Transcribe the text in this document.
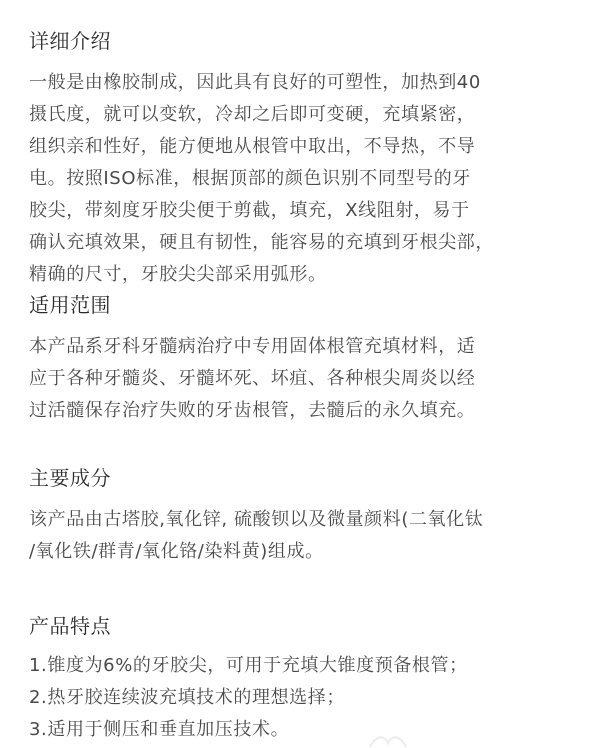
详细介绍
一般是由橡胶制成，因此具有良好的可塑性，加热到40
摄氏度，就可以变软，冷却之后即可变硬，充填紧密，
组织亲和性好，能方便地从根管中取出，不导热，不导
电。按照ISO标准，根据顶部的颜色识别不同型号的牙
胶尖，带刻度牙胶尖便于剪截，填充，X线阻射，易于
确认充填效果，硬且有韧性，能容易的充填到牙根尖部，
精确的尺寸，牙胶尖尖部采用弧形。
适用范围
本产品系牙科牙髓病治疗中专用固体根管充填材料，适
应于各种牙髓炎、牙髓坏死、坏疽、各种根尖周炎以经
过活髓保存治疗失败的牙齿根管，去髓后的永久填充。
主要成分
该产品由古塔胶,氧化锌, 硫酸钡以及微量颜料(二氧化钛
/氧化铁/群青/氧化铬/染料黄)组成。
产品特点
1.锥度为6%的牙胶尖，可用于充填大锥度预备根管；
2.热牙胶连续波充填技术的理想选择；
3.适用于侧压和垂直加压技术。
